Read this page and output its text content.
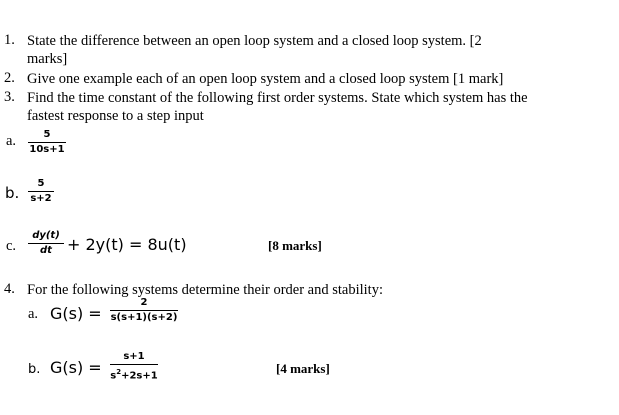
1. State the difference between an open loop system and a closed loop system. [2
marks]
2. Give one example each of an open loop system and a closed loop system [1 mark]
3. Find the time constant of the following first order systems. State which system has the
fastest response to a step input
a.	5
10s+1
b.
5
s+2
c.
dy(t)
dt + 2y(t) = 8u(t)	[8 marks]
4. For the following systems determine their order and stability:
a. G(s) =
2
s(s+1)(s+2)
b. G(s) =
s+1
$s^2+2s+1$	[4 marks]
